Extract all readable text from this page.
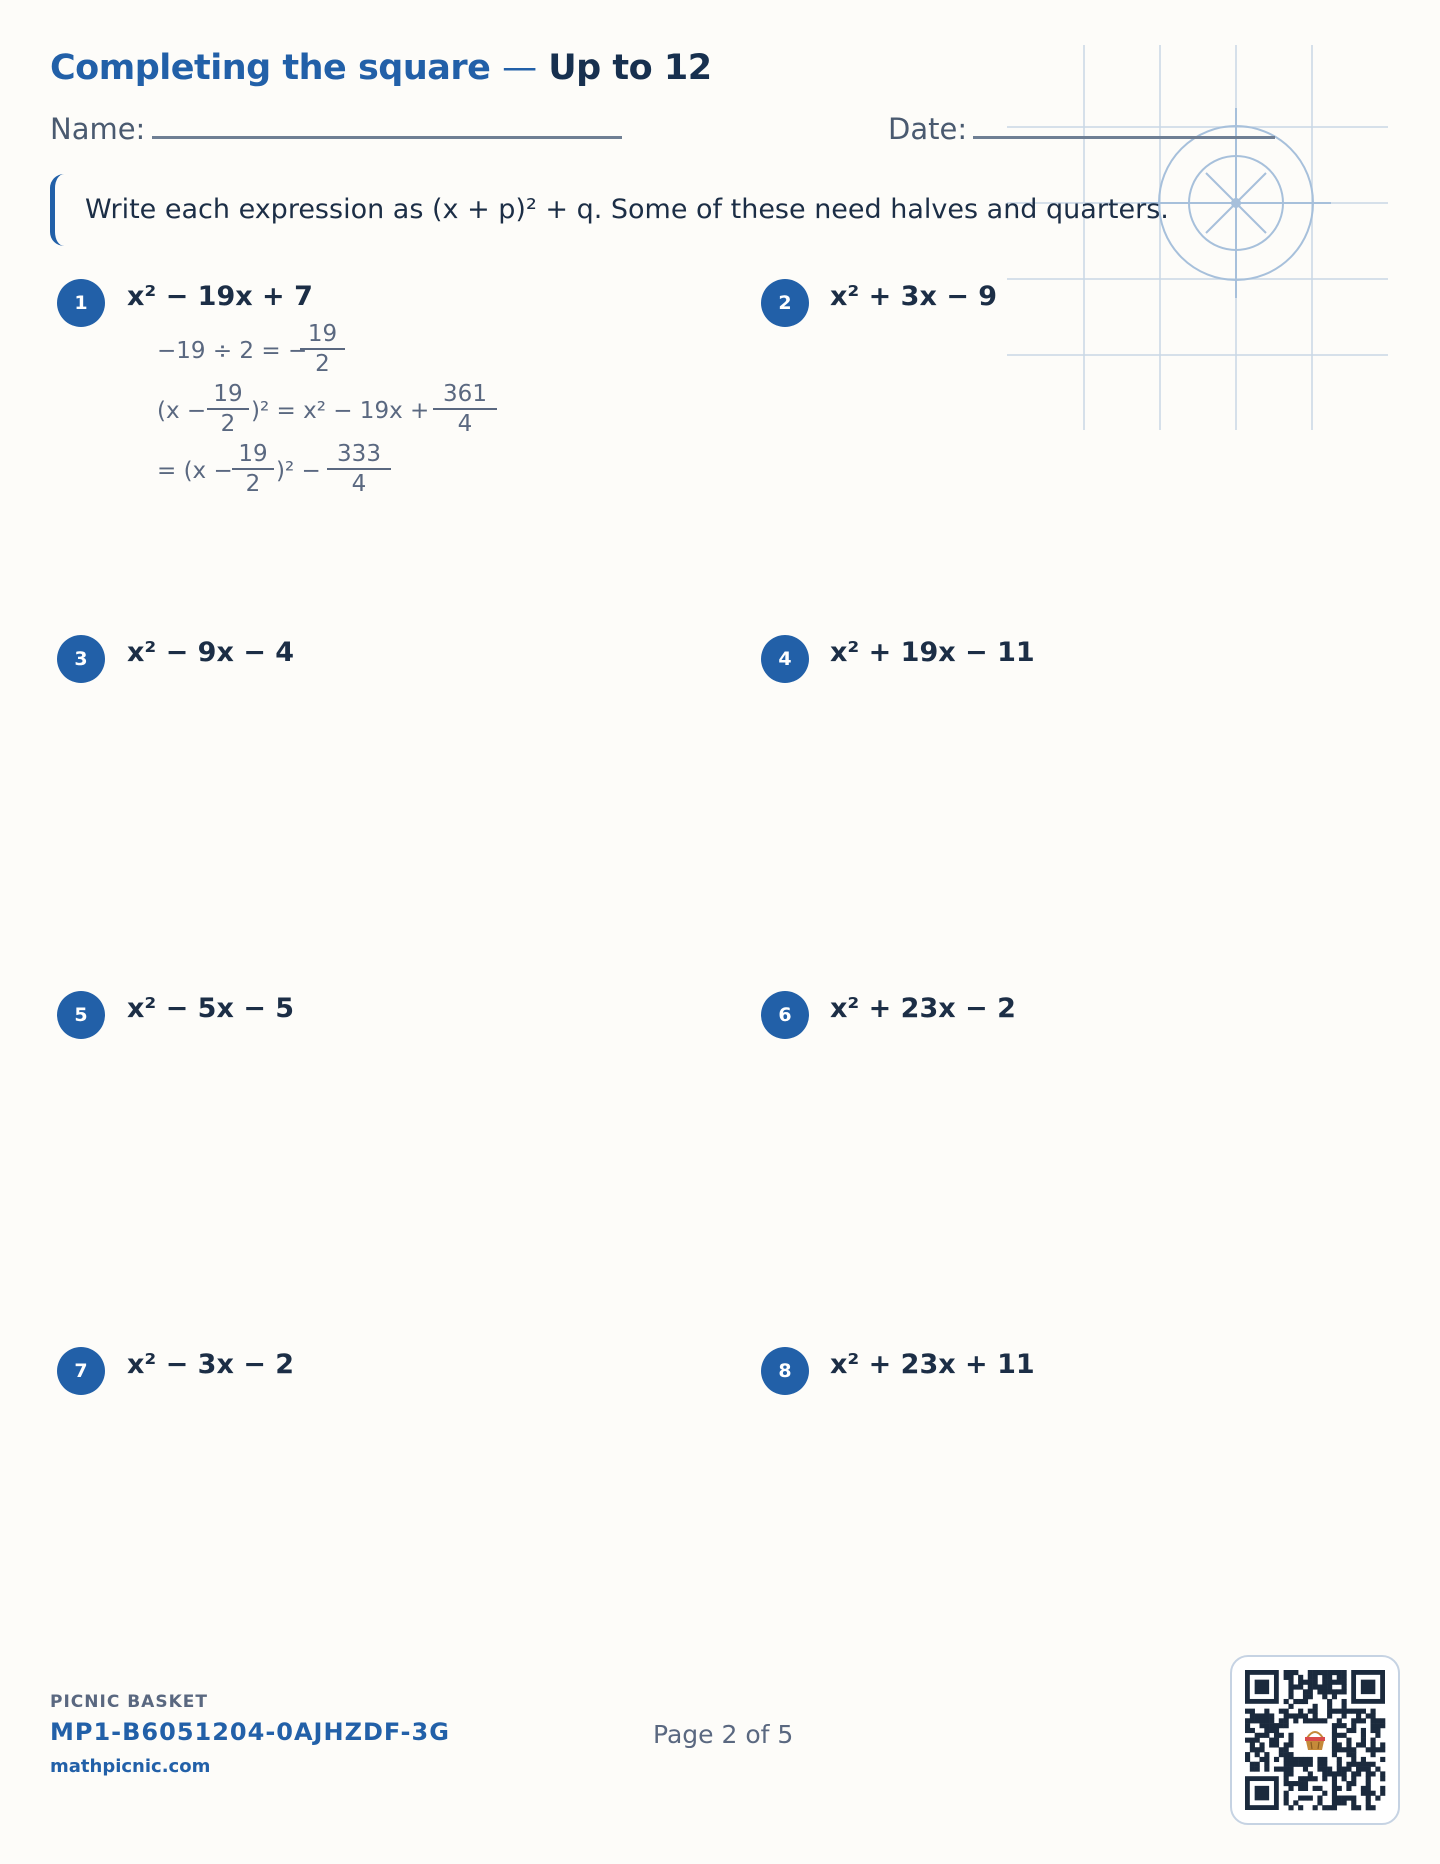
Completing the square — Up to 12
Name:	Date:
Write each expression as (x + p)² + q. Some of these need halves and quarters.
1	x² − 19x + 7	2	x² + 3x − 9
3	x² − 9x − 4	4	x² + 19x − 11
5	x² − 5x − 5	6	x² + 23x − 2
7	x² − 3x − 2	8	x² + 23x + 11
−19 ÷ 2 = −
$\frac{19}{2}$
$(x - \frac{19}{2} )^2 = x^2 - 19x + \frac{361}{4}$
= $(x - \frac{19}{2} )^2 - \frac{333}{4}$
PICNIC BASKET
MP1-B6051204-0AJHZDF-3G
mathpicnic.com
Page 2 of 5
